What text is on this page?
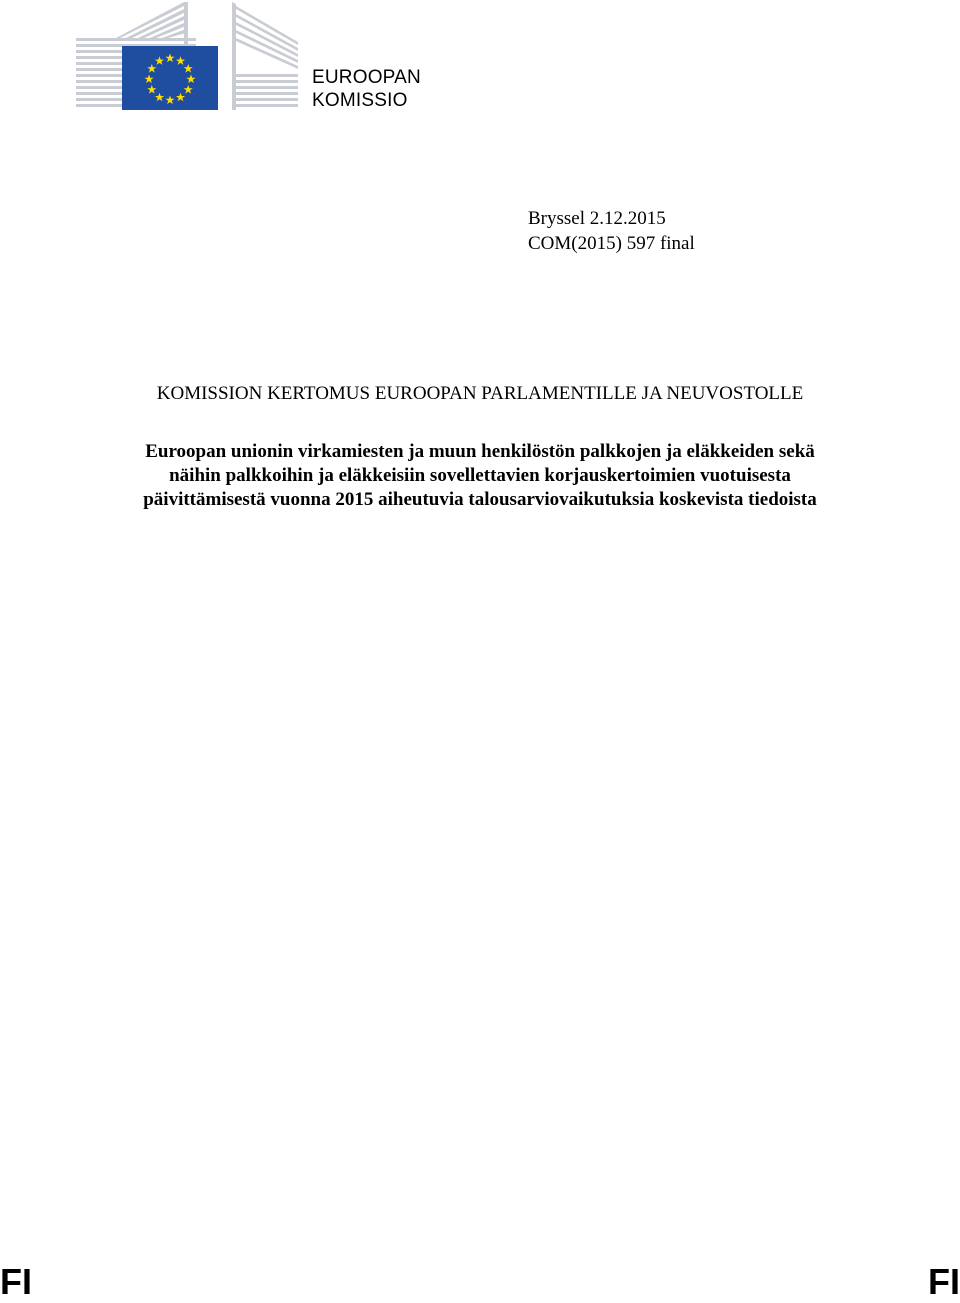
EUROOPAN
KOMISSIO
Bryssel 2.12.2015
COM(2015) 597 final
KOMISSION KERTOMUS EUROOPAN PARLAMENTILLE JA NEUVOSTOLLE
Euroopan unionin virkamiesten ja muun henkilöstön palkkojen ja eläkkeiden sekä
näihin palkkoihin ja eläkkeisiin sovellettavien korjauskertoimien vuotuisesta
päivittämisestä vuonna 2015 aiheutuvia talousarviovaikutuksia koskevista tiedoista
FI	FI
